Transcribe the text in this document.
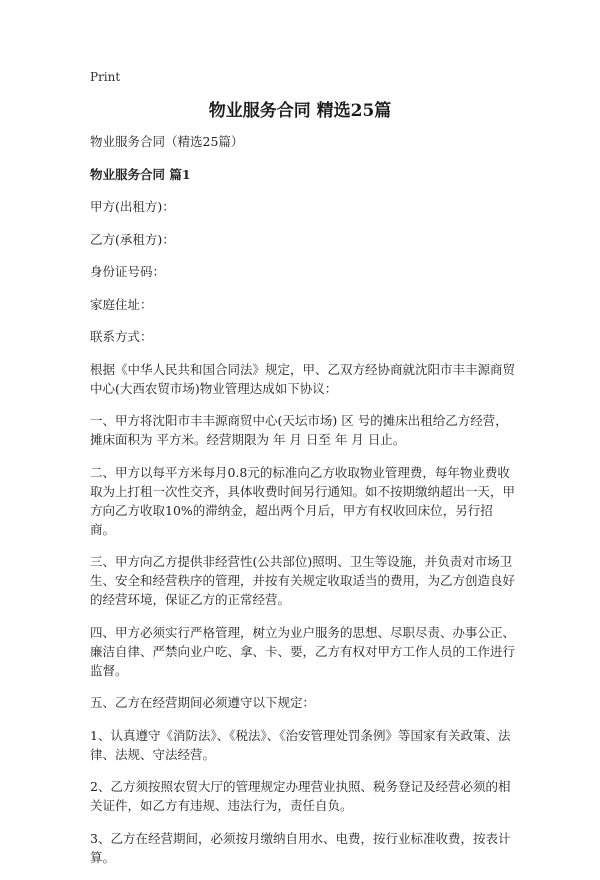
Print
物业服务合同 精选25篇

物业服务合同（精选25篇）

物业服务合同 篇1

甲方(出租方)：

乙方(承租方)：

身份证号码：

家庭住址：

联系方式：

根据《中华人民共和国合同法》规定，甲、乙双方经协商就沈阳市丰丰源商贸中心(大西农贸市场)物业管理达成如下协议：

一、甲方将沈阳市丰丰源商贸中心(天坛市场) 区 号的摊床出租给乙方经营，摊床面积为 平方米。经营期限为 年 月 日至 年 月 日止。

二、甲方以每平方米每月0.8元的标准向乙方收取物业管理费，每年物业费收取为上打租一次性交齐，具体收费时间另行通知。如不按期缴纳超出一天，甲方向乙方收取10%的滞纳金，超出两个月后，甲方有权收回床位，另行招商。

三、甲方向乙方提供非经营性(公共部位)照明、卫生等设施，并负责对市场卫生、安全和经营秩序的管理，并按有关规定收取适当的费用，为乙方创造良好的经营环境，保证乙方的正常经营。

四、甲方必须实行严格管理，树立为业户服务的思想、尽职尽责、办事公正、廉洁自律、严禁向业户吃、拿、卡、要，乙方有权对甲方工作人员的工作进行监督。

五、乙方在经营期间必须遵守以下规定：

1、认真遵守《消防法》、《税法》、《治安管理处罚条例》等国家有关政策、法律、法规、守法经营。

2、乙方须按照农贸大厅的管理规定办理营业执照、税务登记及经营必须的相关证件，如乙方有违规、违法行为，责任自负。

3、乙方在经营期间，必须按月缴纳自用水、电费，按行业标准收费，按表计算。
